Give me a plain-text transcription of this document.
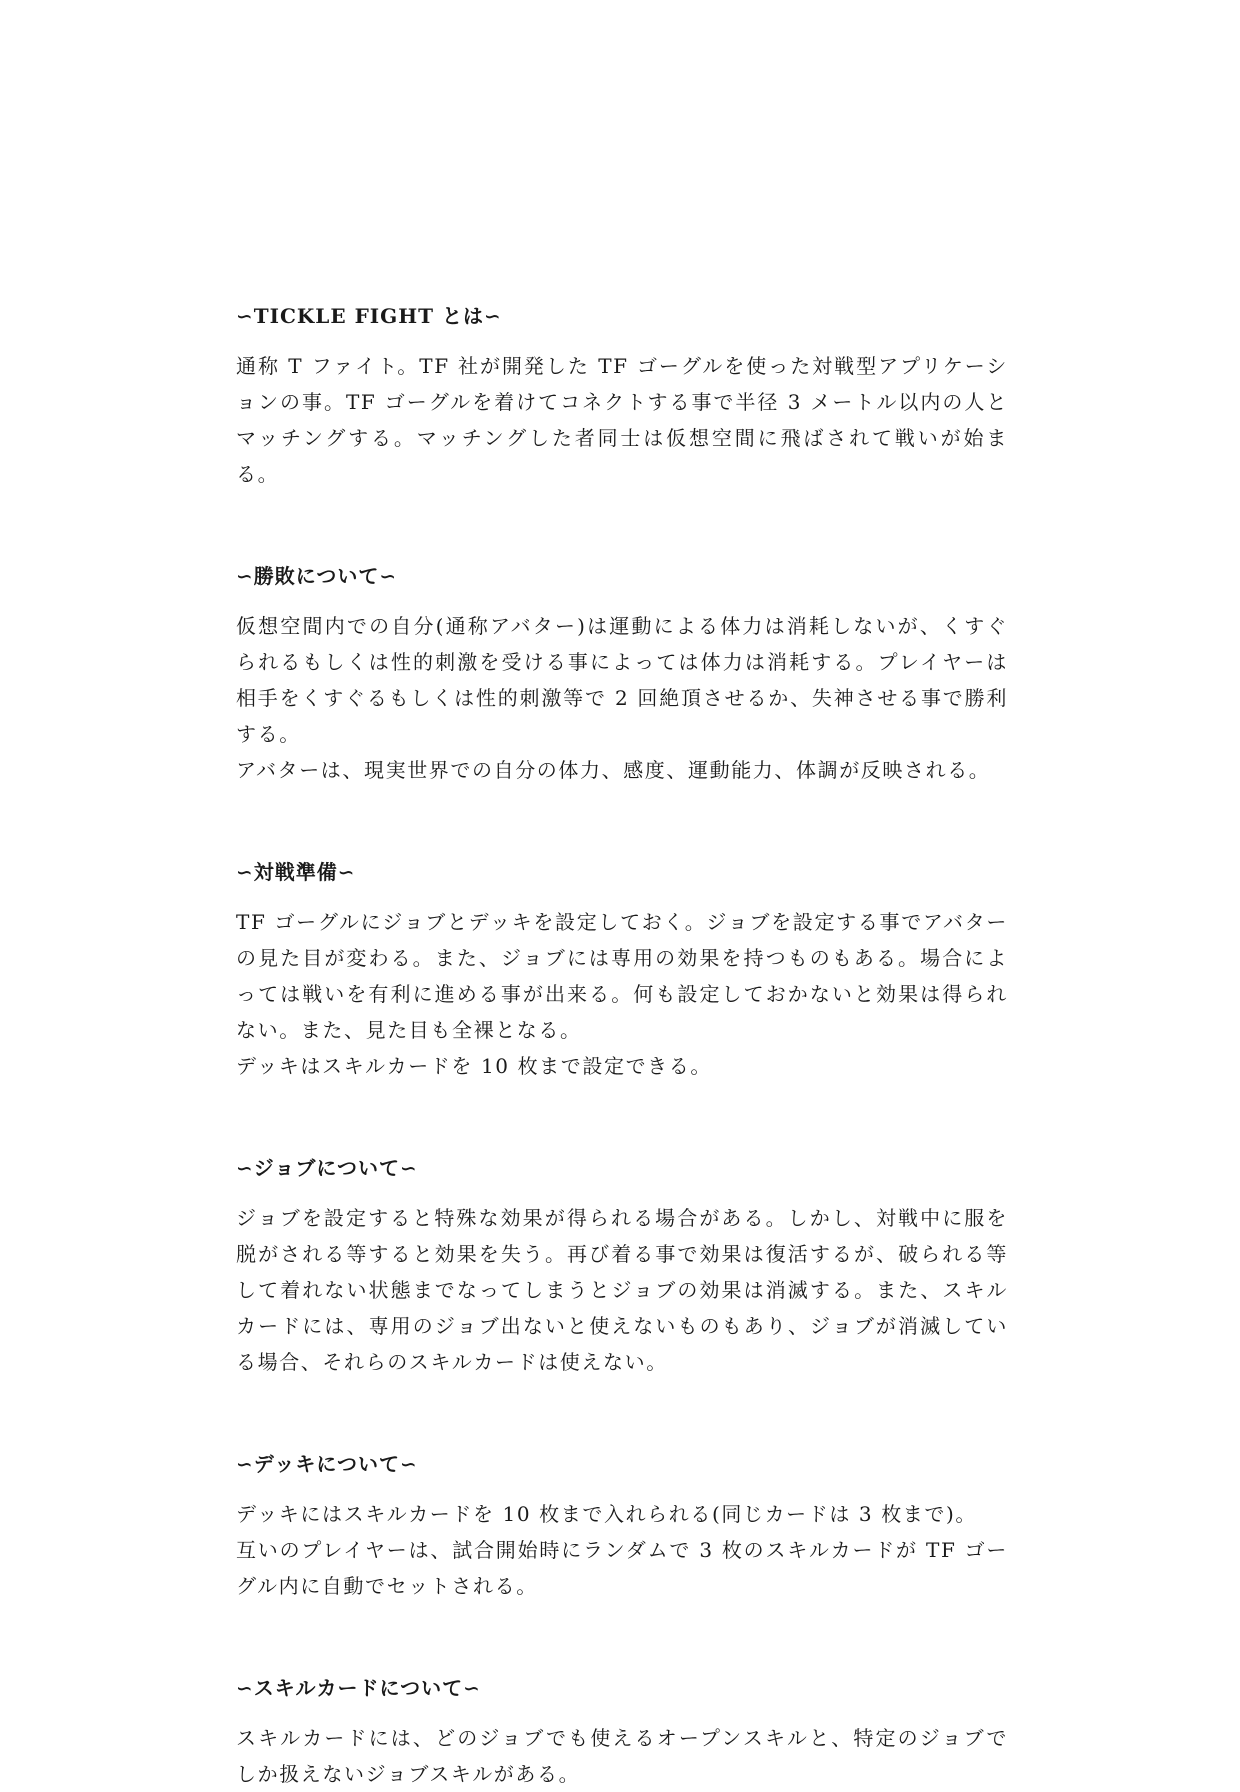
∽TICKLE FIGHT とは∽

通称 T ファイト。TF 社が開発した TF ゴーグルを使った対戦型アプリケーションの事。TF ゴーグルを着けてコネクトする事で半径 3 メートル以内の人とマッチングする。マッチングした者同士は仮想空間に飛ばされて戦いが始まる。

∽勝敗について∽

仮想空間内での自分(通称アバター)は運動による体力は消耗しないが、くすぐられるもしくは性的刺激を受ける事によっては体力は消耗する。プレイヤーは相手をくすぐるもしくは性的刺激等で 2 回絶頂させるか、失神させる事で勝利する。

アバターは、現実世界での自分の体力、感度、運動能力、体調が反映される。

∽対戦準備∽

TF ゴーグルにジョブとデッキを設定しておく。ジョブを設定する事でアバターの見た目が変わる。また、ジョブには専用の効果を持つものもある。場合によっては戦いを有利に進める事が出来る。何も設定しておかないと効果は得られない。また、見た目も全裸となる。

デッキはスキルカードを 10 枚まで設定できる。

∽ジョブについて∽

ジョブを設定すると特殊な効果が得られる場合がある。しかし、対戦中に服を脱がされる等すると効果を失う。再び着る事で効果は復活するが、破られる等して着れない状態までなってしまうとジョブの効果は消滅する。また、スキルカードには、専用のジョブ出ないと使えないものもあり、ジョブが消滅している場合、それらのスキルカードは使えない。

∽デッキについて∽

デッキにはスキルカードを 10 枚まで入れられる(同じカードは 3 枚まで)。

互いのプレイヤーは、試合開始時にランダムで 3 枚のスキルカードが TF ゴーグル内に自動でセットされる。

∽スキルカードについて∽

スキルカードには、どのジョブでも使えるオープンスキルと、特定のジョブでしか扱えないジョブスキルがある。
